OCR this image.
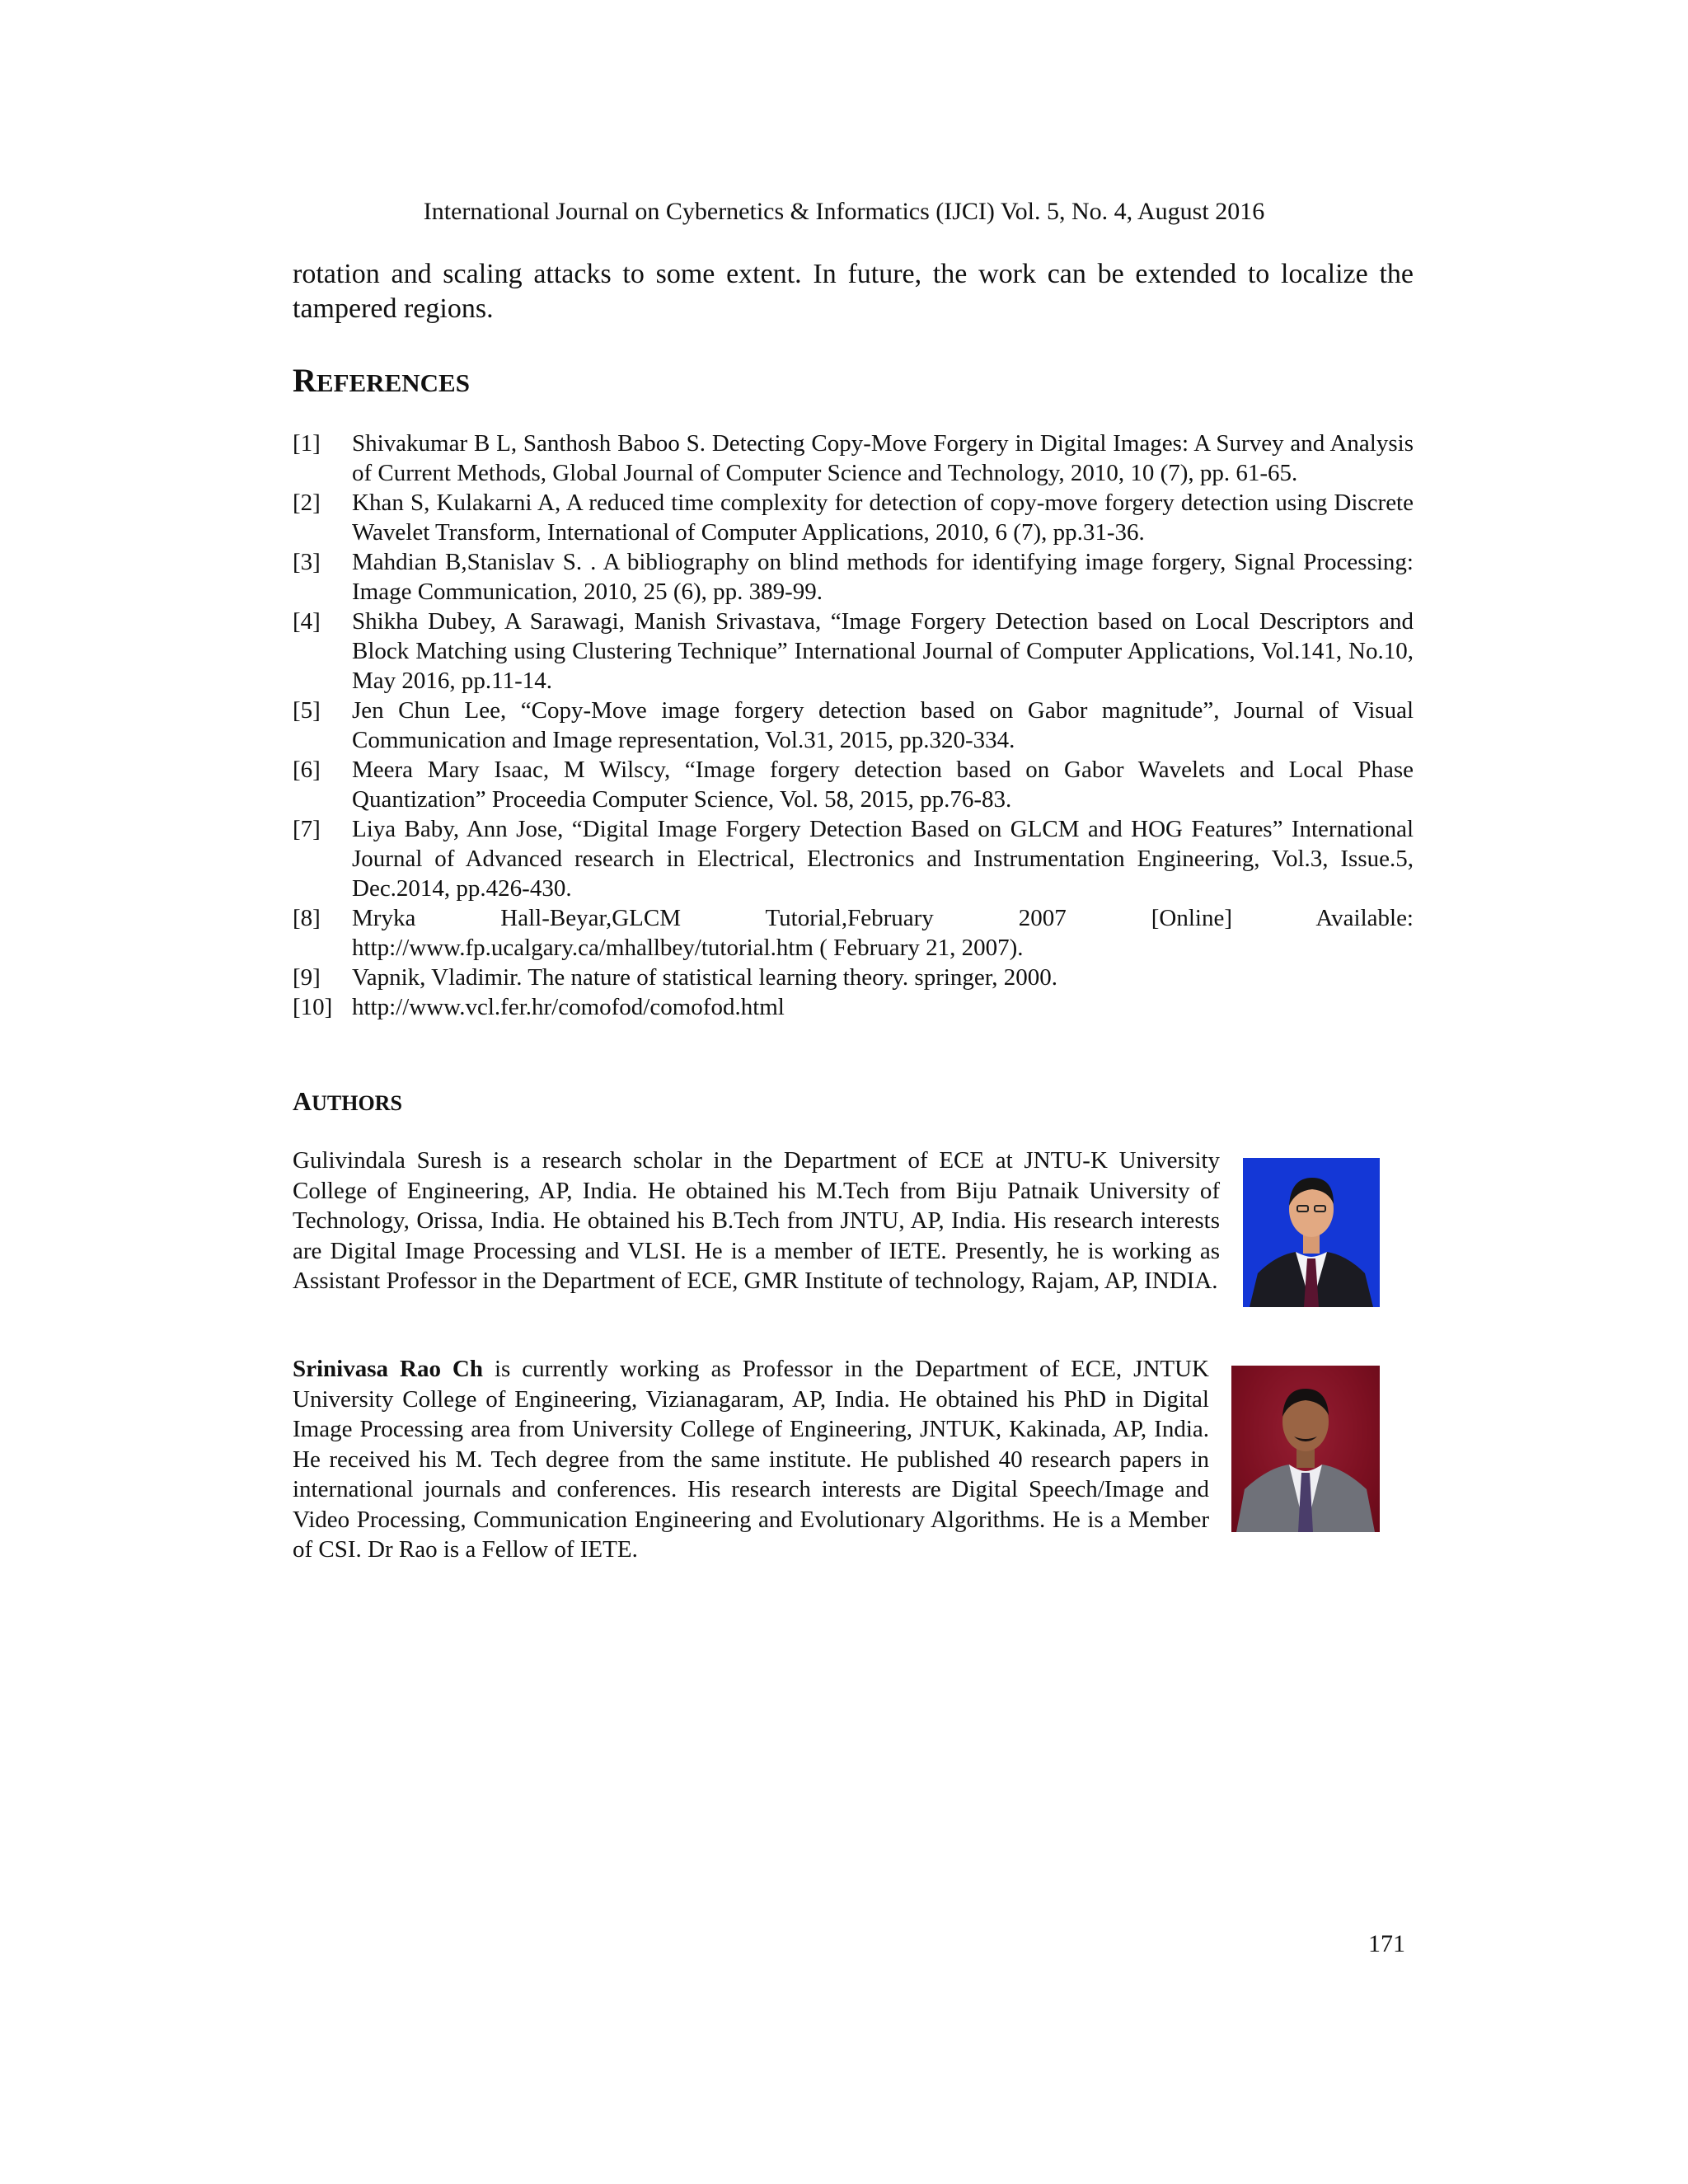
International Journal on Cybernetics & Informatics (IJCI) Vol. 5, No. 4, August 2016

rotation and scaling attacks to some extent. In future, the work can be extended to localize the tampered regions.

REFERENCES
[1] Shivakumar B L, Santhosh Baboo S. Detecting Copy-Move Forgery in Digital Images: A Survey and Analysis of Current Methods, Global Journal of Computer Science and Technology, 2010, 10 (7), pp. 61-65.
[2] Khan S, Kulakarni A, A reduced time complexity for detection of copy-move forgery detection using Discrete Wavelet Transform, International of Computer Applications, 2010, 6 (7), pp.31-36.
[3] Mahdian B,Stanislav S. . A bibliography on blind methods for identifying image forgery, Signal Processing: Image Communication, 2010, 25 (6), pp. 389-99.
[4] Shikha Dubey, A Sarawagi, Manish Srivastava, “Image Forgery Detection based on Local Descriptors and Block Matching using Clustering Technique” International Journal of Computer Applications, Vol.141, No.10, May 2016, pp.11-14.
[5] Jen Chun Lee, “Copy-Move image forgery detection based on Gabor magnitude”, Journal of Visual Communication and Image representation, Vol.31, 2015, pp.320-334.
[6] Meera Mary Isaac, M Wilscy, “Image forgery detection based on Gabor Wavelets and Local Phase Quantization” Proceedia Computer Science, Vol. 58, 2015, pp.76-83.
[7] Liya Baby, Ann Jose, “Digital Image Forgery Detection Based on GLCM and HOG Features” International Journal of Advanced research in Electrical, Electronics and Instrumentation Engineering, Vol.3, Issue.5, Dec.2014, pp.426-430.
[8] Mryka Hall-Beyar,GLCM Tutorial,February 2007 [Online] Available: http://www.fp.ucalgary.ca/mhallbey/tutorial.htm ( February 21, 2007).
[9] Vapnik, Vladimir. The nature of statistical learning theory. springer, 2000.
[10] http://www.vcl.fer.hr/comofod/comofod.html
AUTHORS

Gulivindala Suresh is a research scholar in the Department of ECE at JNTU-K University College of Engineering, AP, India. He obtained his M.Tech from Biju Patnaik University of Technology, Orissa, India. He obtained his B.Tech from JNTU, AP, India. His research interests are Digital Image Processing and VLSI. He is a member of IETE. Presently, he is working as Assistant Professor in the Department of ECE, GMR Institute of technology, Rajam, AP, INDIA.

Srinivasa Rao Ch is currently working as Professor in the Department of ECE, JNTUK University College of Engineering, Vizianagaram, AP, India. He obtained his PhD in Digital Image Processing area from University College of Engineering, JNTUK, Kakinada, AP, India. He received his M. Tech degree from the same institute. He published 40 research papers in international journals and conferences. His research interests are Digital Speech/Image and Video Processing, Communication Engineering and Evolutionary Algorithms. He is a Member of CSI. Dr Rao is a Fellow of IETE.

171
